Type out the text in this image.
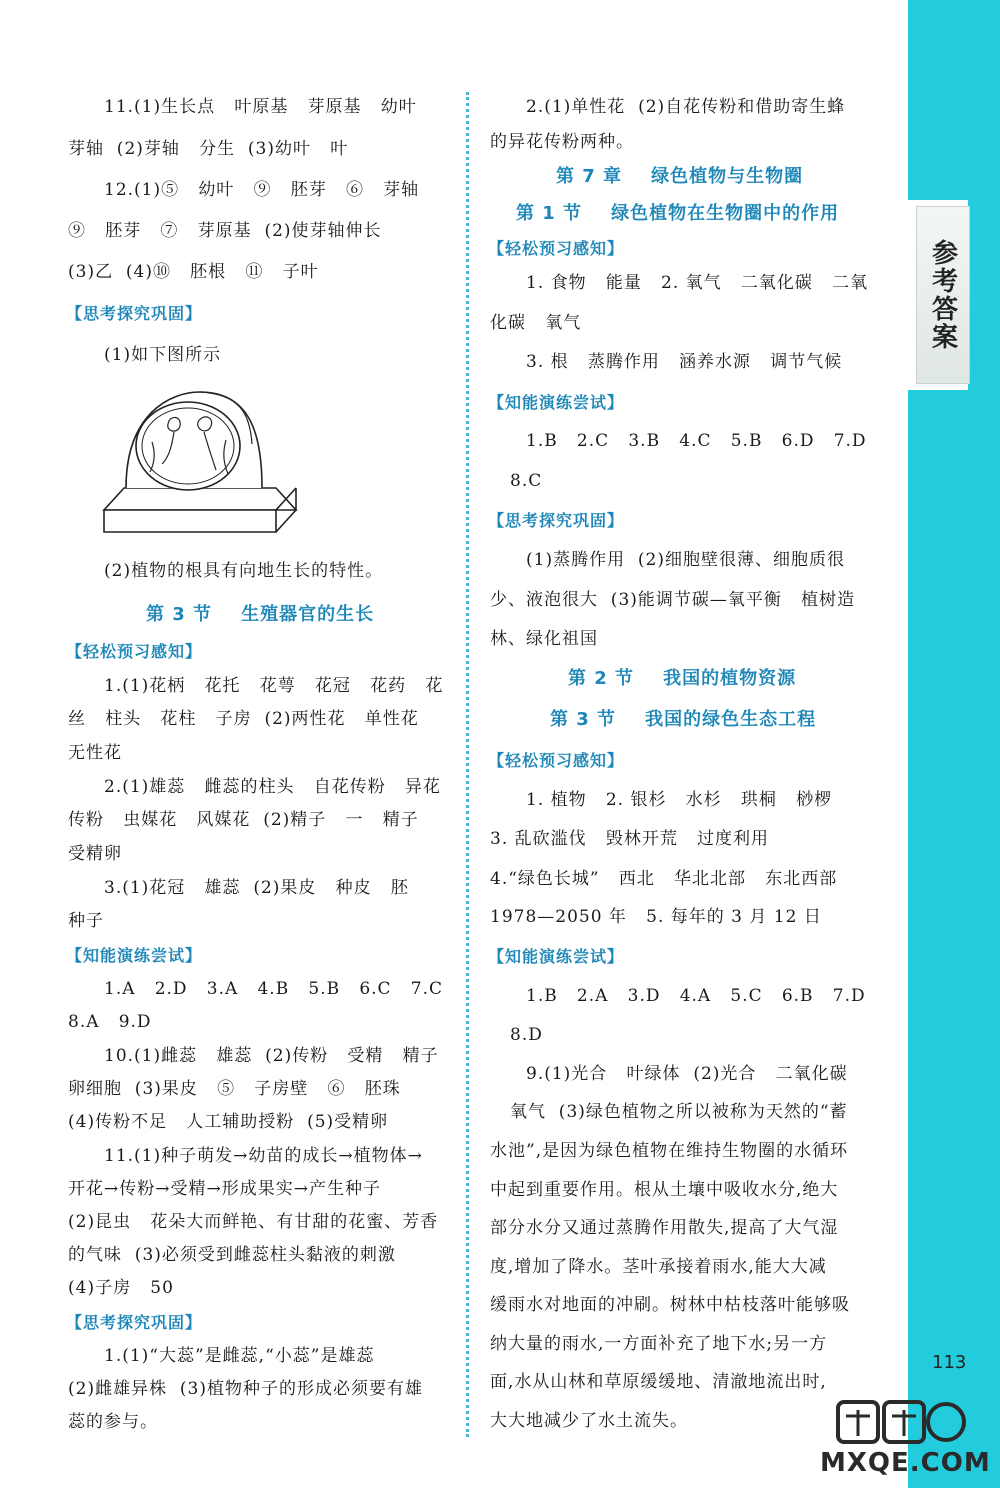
参考答案
11.(1)生长点   叶原基   芽原基   幼叶
芽轴  (2)芽轴   分生  (3)幼叶   叶
12.(1)⑤   幼叶   ⑨   胚芽   ⑥   芽轴
⑨   胚芽   ⑦   芽原基  (2)使芽轴伸长
(3)乙  (4)⑩   胚根   ⑪   子叶
【思考探究巩固】
(1)如下图所示
(2)植物的根具有向地生长的特性。
第 3 节    生殖器官的生长
【轻松预习感知】
1.(1)花柄   花托   花萼   花冠   花药   花
丝   柱头   花柱   子房  (2)两性花   单性花
无性花
2.(1)雄蕊   雌蕊的柱头   自花传粉   异花
传粉   虫媒花   风媒花  (2)精子   一   精子
受精卵
3.(1)花冠   雄蕊  (2)果皮   种皮   胚
种子
【知能演练尝试】
1.A   2.D   3.A   4.B   5.B   6.C   7.C
8.A   9.D
10.(1)雌蕊   雄蕊  (2)传粉   受精   精子
卵细胞  (3)果皮   ⑤   子房壁   ⑥   胚珠
(4)传粉不足   人工辅助授粉  (5)受精卵
11.(1)种子萌发→幼苗的成长→植物体→
开花→传粉→受精→形成果实→产生种子
(2)昆虫   花朵大而鲜艳、有甘甜的花蜜、芳香
的气味  (3)必须受到雌蕊柱头黏液的刺激
(4)子房   50
【思考探究巩固】
1.(1)“大蕊”是雌蕊,“小蕊”是雄蕊
(2)雌雄异株  (3)植物种子的形成必须要有雄
蕊的参与。
2.(1)单性花  (2)自花传粉和借助寄生蜂
的异花传粉两种。
第 7 章    绿色植物与生物圈
第 1 节    绿色植物在生物圈中的作用
【轻松预习感知】
1. 食物   能量   2. 氧气   二氧化碳   二氧
化碳   氧气
3. 根   蒸腾作用   涵养水源   调节气候
【知能演练尝试】
1.B   2.C   3.B   4.C   5.B   6.D   7.D
8.C
【思考探究巩固】
(1)蒸腾作用  (2)细胞壁很薄、细胞质很
少、液泡很大  (3)能调节碳—氧平衡   植树造
林、绿化祖国
第 2 节    我国的植物资源
第 3 节    我国的绿色生态工程
【轻松预习感知】
1. 植物   2. 银杉   水杉   珙桐   桫椤
3. 乱砍滥伐   毁林开荒   过度利用
4.“绿色长城”   西北   华北北部   东北西部
1978—2050 年   5. 每年的 3 月 12 日
【知能演练尝试】
1.B   2.A   3.D   4.A   5.C   6.B   7.D
8.D
9.(1)光合   叶绿体  (2)光合   二氧化碳
氧气  (3)绿色植物之所以被称为天然的“蓄
水池”,是因为绿色植物在维持生物圈的水循环
中起到重要作用。根从土壤中吸收水分,绝大
部分水分又通过蒸腾作用散失,提高了大气湿
度,增加了降水。茎叶承接着雨水,能大大减
缓雨水对地面的冲刷。树林中枯枝落叶能够吸
纳大量的雨水,一方面补充了地下水;另一方
面,水从山林和草原缓缓地、清澈地流出时,
大大地减少了水土流失。
113
MXQE.COM
